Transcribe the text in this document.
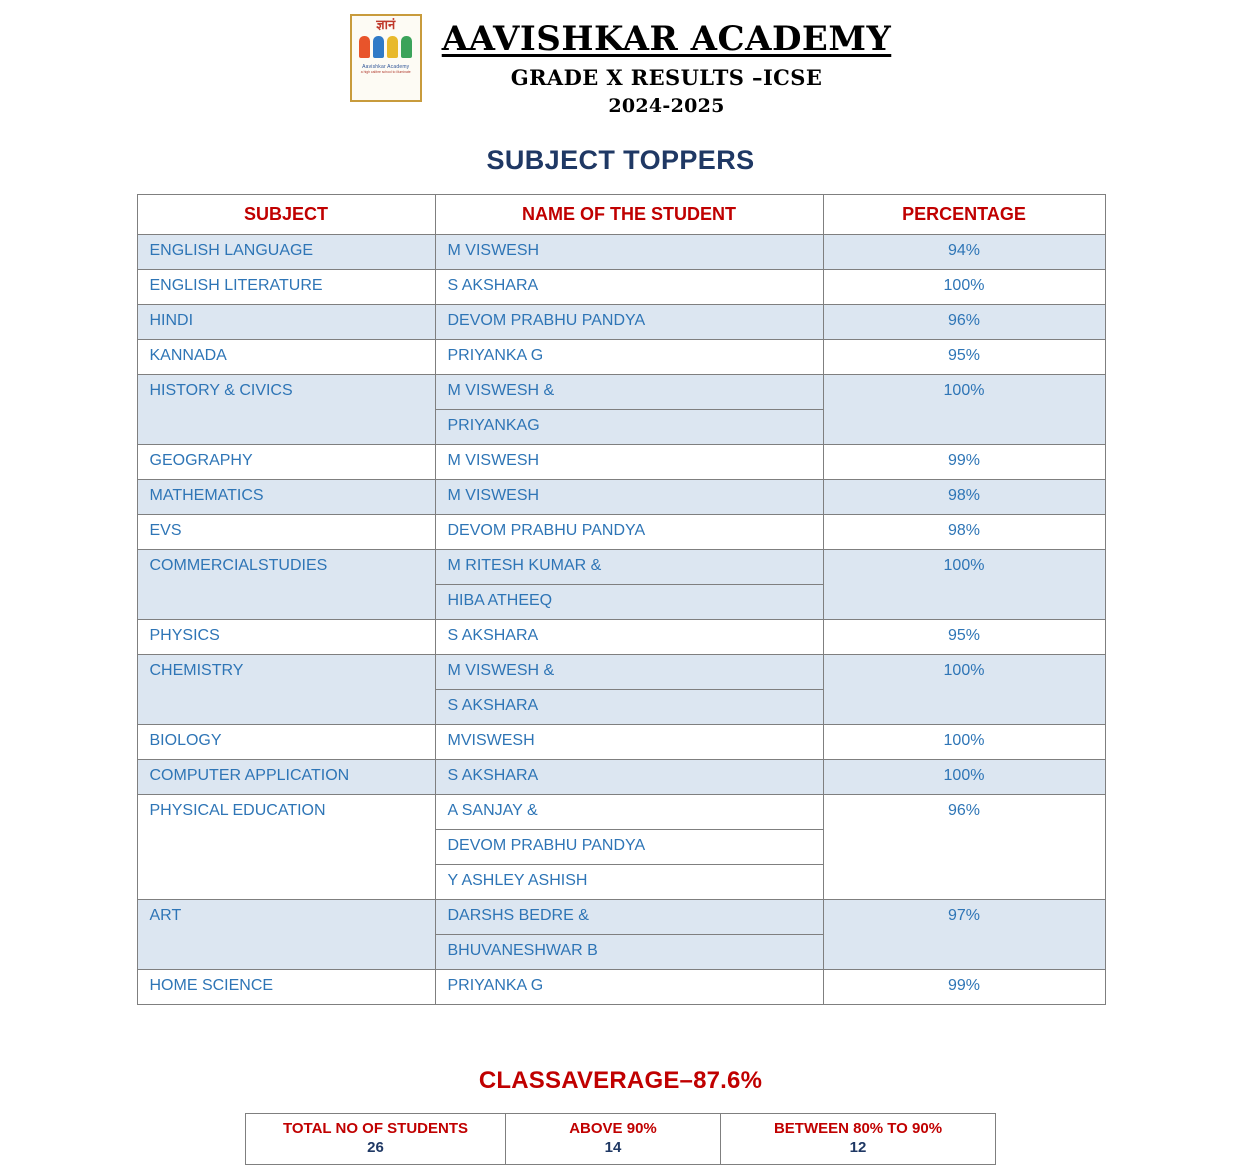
ज्ञानं
Aavishkar Academy
a high calibre school to illuminate
AAVISHKAR ACADEMY
GRADE X RESULTS –ICSE
2024-2025
SUBJECT TOPPERS
SUBJECT	NAME OF THE STUDENT	PERCENTAGE
ENGLISH LANGUAGE	M VISWESH	94%
ENGLISH LITERATURE	S AKSHARA	100%
HINDI	DEVOM PRABHU PANDYA	96%
KANNADA	PRIYANKA G	95%
HISTORY & CIVICS	M VISWESH &	100%
	PRIYANKAG	
GEOGRAPHY	M VISWESH	99%
MATHEMATICS	M VISWESH	98%
EVS	DEVOM PRABHU PANDYA	98%
COMMERCIALSTUDIES	M RITESH KUMAR &	100%
	HIBA ATHEEQ	
PHYSICS	S AKSHARA	95%
CHEMISTRY	M VISWESH &	100%
	S AKSHARA	
BIOLOGY	MVISWESH	100%
COMPUTER APPLICATION	S AKSHARA	100%
PHYSICAL EDUCATION	A SANJAY &	96%
	DEVOM PRABHU PANDYA	
	Y ASHLEY ASHISH	
ART	DARSHS BEDRE &	97%
	BHUVANESHWAR B	
HOME SCIENCE	PRIYANKA G	99%
CLASSAVERAGE–87.6%
TOTAL NO OF STUDENTS	ABOVE 90%	BETWEEN 80% TO 90%
26	14	12
